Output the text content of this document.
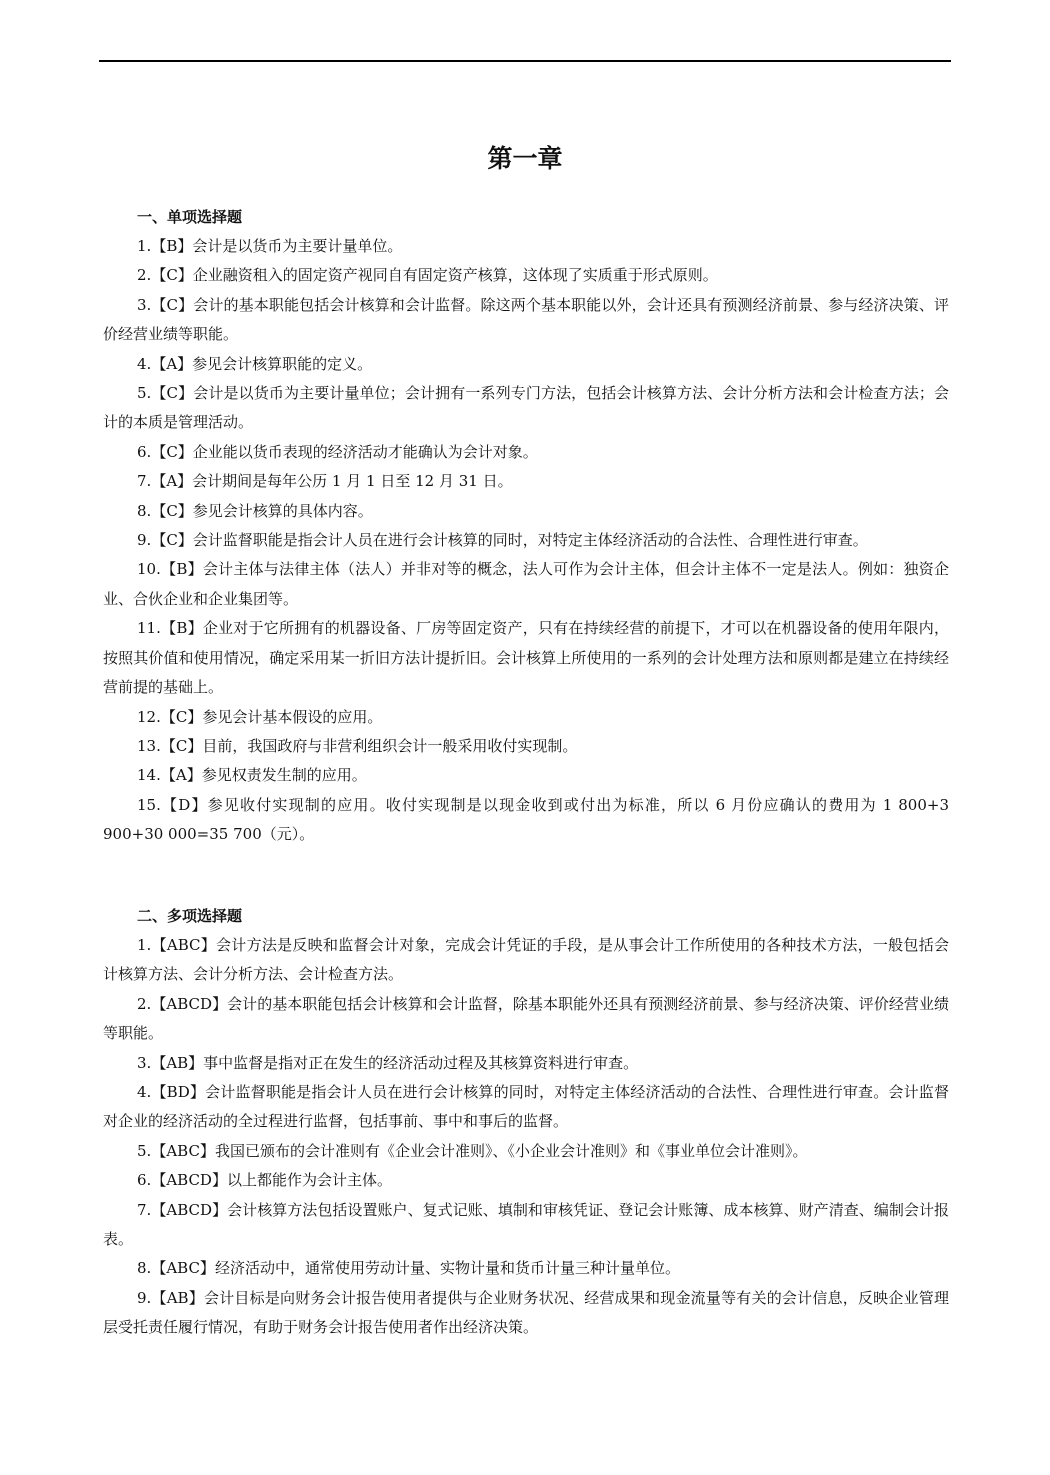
第一章

一、单项选择题

1.【B】会计是以货币为主要计量单位。

2.【C】企业融资租入的固定资产视同自有固定资产核算，这体现了实质重于形式原则。

3.【C】会计的基本职能包括会计核算和会计监督。除这两个基本职能以外，会计还具有预测经济前景、参与经济决策、评价经营业绩等职能。

4.【A】参见会计核算职能的定义。

5.【C】会计是以货币为主要计量单位；会计拥有一系列专门方法，包括会计核算方法、会计分析方法和会计检查方法；会计的本质是管理活动。

6.【C】企业能以货币表现的经济活动才能确认为会计对象。

7.【A】会计期间是每年公历 1 月 1 日至 12 月 31 日。

8.【C】参见会计核算的具体内容。

9.【C】会计监督职能是指会计人员在进行会计核算的同时，对特定主体经济活动的合法性、合理性进行审查。

10.【B】会计主体与法律主体（法人）并非对等的概念，法人可作为会计主体，但会计主体不一定是法人。例如：独资企业、合伙企业和企业集团等。

11.【B】企业对于它所拥有的机器设备、厂房等固定资产，只有在持续经营的前提下，才可以在机器设备的使用年限内，按照其价值和使用情况，确定采用某一折旧方法计提折旧。会计核算上所使用的一系列的会计处理方法和原则都是建立在持续经营前提的基础上。

12.【C】参见会计基本假设的应用。

13.【C】目前，我国政府与非营利组织会计一般采用收付实现制。

14.【A】参见权责发生制的应用。

15.【D】参见收付实现制的应用。收付实现制是以现金收到或付出为标准，所以 6 月份应确认的费用为 1 800+3 900+30 000=35 700（元）。

二、多项选择题

1.【ABC】会计方法是反映和监督会计对象，完成会计凭证的手段，是从事会计工作所使用的各种技术方法，一般包括会计核算方法、会计分析方法、会计检查方法。

2.【ABCD】会计的基本职能包括会计核算和会计监督，除基本职能外还具有预测经济前景、参与经济决策、评价经营业绩等职能。

3.【AB】事中监督是指对正在发生的经济活动过程及其核算资料进行审查。

4.【BD】会计监督职能是指会计人员在进行会计核算的同时，对特定主体经济活动的合法性、合理性进行审查。会计监督对企业的经济活动的全过程进行监督，包括事前、事中和事后的监督。

5.【ABC】我国已颁布的会计准则有《企业会计准则》、《小企业会计准则》和《事业单位会计准则》。

6.【ABCD】以上都能作为会计主体。

7.【ABCD】会计核算方法包括设置账户、复式记账、填制和审核凭证、登记会计账簿、成本核算、财产清查、编制会计报表。

8.【ABC】经济活动中，通常使用劳动计量、实物计量和货币计量三种计量单位。

9.【AB】会计目标是向财务会计报告使用者提供与企业财务状况、经营成果和现金流量等有关的会计信息，反映企业管理层受托责任履行情况，有助于财务会计报告使用者作出经济决策。
